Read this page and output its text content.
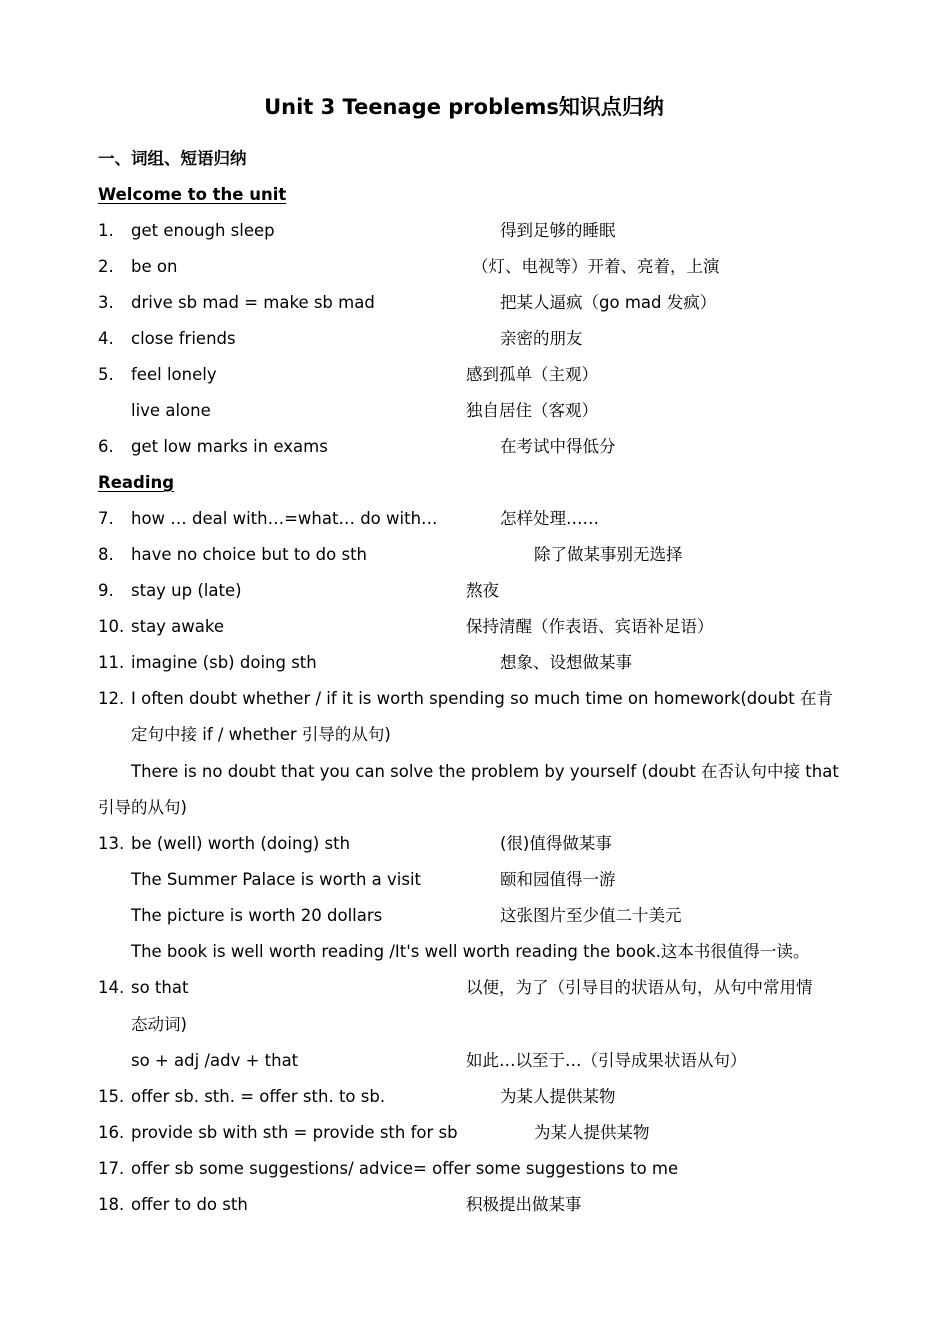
Unit 3 Teenage problems知识点归纳
一、词组、短语归纳
Welcome to the unit
1. get enough sleep	得到足够的睡眠
2. be on	（灯、电视等）开着、亮着，上演
3. drive sb mad = make sb mad	把某人逼疯（go mad 发疯）
4. close friends	亲密的朋友
5. feel lonely	感到孤单（主观）
live alone	独自居住（客观）
6. get low marks in exams	在考试中得低分
Reading
7. how … deal with…=what… do with…	怎样处理……
8. have no choice but to do sth	除了做某事别无选择
9. stay up (late)	熬夜
10. stay awake	保持清醒（作表语、宾语补足语）
11. imagine (sb) doing sth	想象、设想做某事
12. I often doubt whether / if it is worth spending so much time on homework(doubt 在肯
定句中接 if / whether 引导的从句)
There is no doubt that you can solve the problem by yourself (doubt 在否认句中接 that
引导的从句)
13. be (well) worth (doing) sth	(很)值得做某事
The Summer Palace is worth a visit	颐和园值得一游
The picture is worth 20 dollars	这张图片至少值二十美元
The book is well worth reading /It's well worth reading the book.这本书很值得一读。
14. so that	以便，为了（引导目的状语从句，从句中常用情
态动词)
so + adj /adv + that	如此…以至于…（引导成果状语从句）
15. offer sb. sth. = offer sth. to sb.	为某人提供某物
16. provide sb with sth = provide sth for sb	为某人提供某物
17. offer sb some suggestions/ advice= offer some suggestions to me
18. offer to do sth	积极提出做某事
